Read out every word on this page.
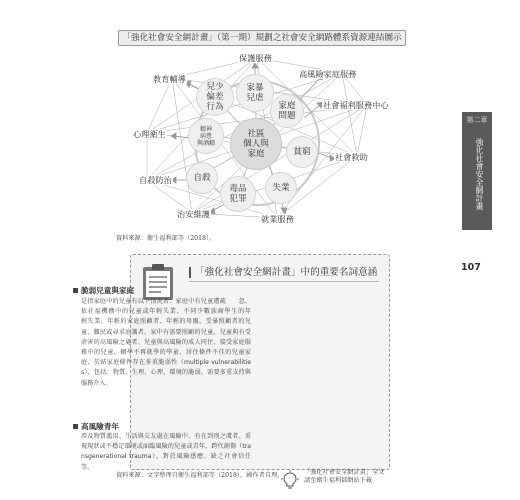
「強化社會安全網計畫」（第一期）規劃之社會安全網路體系資源連結圖示
社區
個人與
家庭
家暴
兒虐
家庭
問題
貧窮
失業
毒品
犯罪
自殺
精神
病患
與酒癮
兒少
偏差
行為
保護服務
高風險家庭服務
社會福利服務中心
社會救助
就業服務
治安維護
自殺防治
心理衛生
教育輔導
資料來源：衛生福利部等（2018）。
第二章
強化社會安全網計畫
107
「強化社會安全網計畫」中的重要名詞意涵
脆弱兒童與家庭
是指家庭中的兒童有以下情況者：家庭中有兒童遭疏　　忽、依社福機構中的兒童或年輕失業、不同少數族裔學生的年　　輕失業、年輕的家庭照顧者、年輕的母親、受暴照顧者的兒童、難民或尋求庇護者、家中有需要照顧的兒童、兒童與有受虐害的高風險之處者、兒童與高風險的成人同住、接受家庭服務中的兒童、輟學不再就學的學童、居住條件不佳的兒童家庭、於結家庭條件存在多重脆弱性（multiple vulnerabilities），包括：物質、生理、心理、環境的脆弱，需要多重支持與服務介入。
高風險青年
涉及物質濫用、生活與交友處在風險中、有在到刑之虞者、重視現狀或不穩定環境或面臨風險的兒童或青年、跨代創傷（transgenerational trauma），對於風險感應、缺乏社會信任等。
資料來源：文字整理自衛生福利部等（2018），國作者自理。	「強化社會安全網計畫」全文
請至衛生福利部網站下載
